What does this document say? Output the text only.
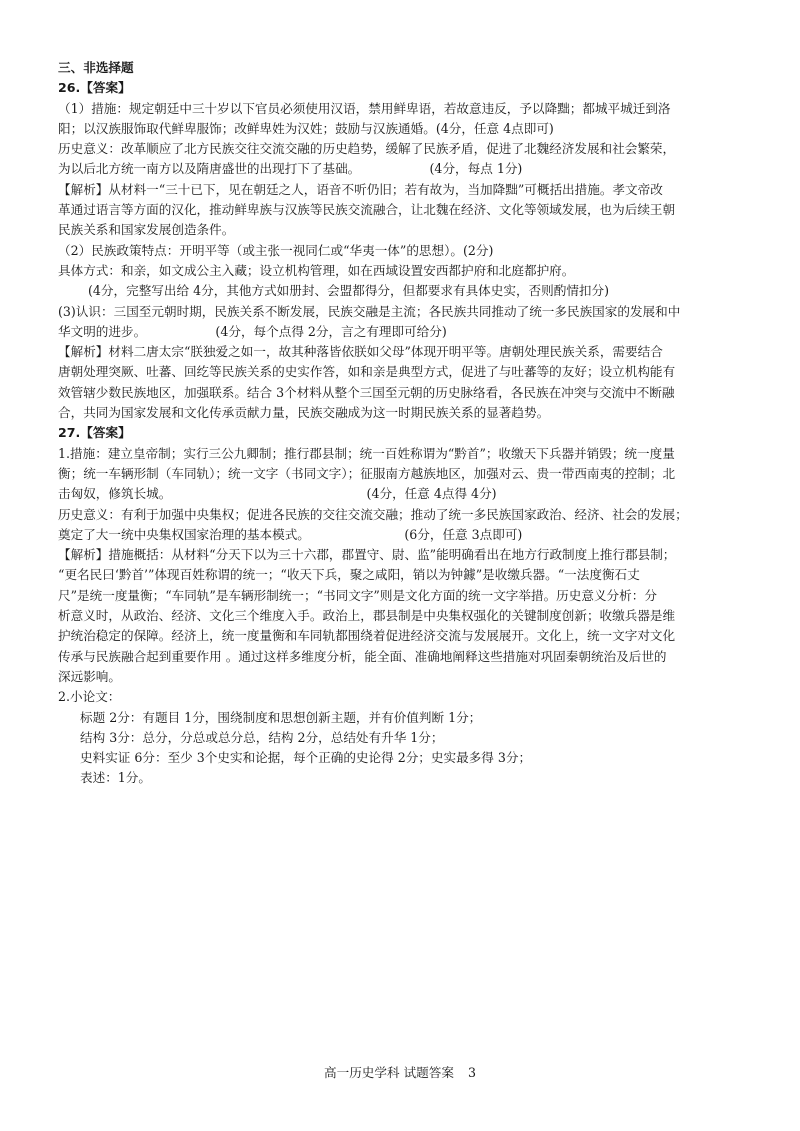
三、非选择题
26.【答案】
（1）措施：规定朝廷中三十岁以下官员必须使用汉语，禁用鲜卑语，若故意违反，予以降黜；都城平城迁到洛
阳；以汉族服饰取代鲜卑服饰；改鲜卑姓为汉姓；鼓励与汉族通婚。(4分，任意 4点即可)
历史意义：改革顺应了北方民族交往交流交融的历史趋势，缓解了民族矛盾，促进了北魏经济发展和社会繁荣，
为以后北方统一南方以及隋唐盛世的出现打下了基础。　　　　　　(4分，每点 1分)
【解析】从材料一“三十已下，见在朝廷之人，语音不听仍旧；若有故为，当加降黜”可概括出措施。孝文帝改
革通过语言等方面的汉化，推动鲜卑族与汉族等民族交流融合，让北魏在经济、文化等领域发展，也为后续王朝
民族关系和国家发展创造条件。
（2）民族政策特点：开明平等（或主张一视同仁或“华夷一体”的思想）。(2分)
具体方式：和亲，如文成公主入藏；设立机构管理，如在西域设置安西都护府和北庭都护府。
(4分，完整写出给 4分，其他方式如册封、会盟都得分，但都要求有具体史实，否则酌情扣分)
(3)认识：三国至元朝时期，民族关系不断发展，民族交融是主流；各民族共同推动了统一多民族国家的发展和中
华文明的进步。　　　　　　(4分，每个点得 2分，言之有理即可给分)
【解析】材料二唐太宗“朕独爱之如一，故其种落皆依朕如父母”体现开明平等。唐朝处理民族关系，需要结合
唐朝处理突厥、吐蕃、回纥等民族关系的史实作答，如和亲是典型方式，促进了与吐蕃等的友好；设立机构能有
效管辖少数民族地区，加强联系。结合 3个材料从整个三国至元朝的历史脉络看，各民族在冲突与交流中不断融
合，共同为国家发展和文化传承贡献力量，民族交融成为这一时期民族关系的显著趋势。
27.【答案】
1.措施：建立皇帝制；实行三公九卿制；推行郡县制；统一百姓称谓为“黔首”；收缴天下兵器并销毁；统一度量
衡；统一车辆形制（车同轨）；统一文字（书同文字）；征服南方越族地区，加强对云、贵一带西南夷的控制；北
击匈奴，修筑长城。　　　　　　　　　　　　　　　　(4分，任意 4点得 4分)
历史意义：有利于加强中央集权；促进各民族的交往交流交融；推动了统一多民族国家政治、经济、社会的发展；
奠定了大一统中央集权国家治理的基本模式。　　　　　　　　(6分，任意 3点即可)
【解析】措施概括：从材料“分天下以为三十六郡，郡置守、尉、监”能明确看出在地方行政制度上推行郡县制；
“更名民曰‘黔首’”体现百姓称谓的统一；“收天下兵，聚之咸阳，销以为钟鐻”是收缴兵器。“一法度衡石丈
尺”是统一度量衡；“车同轨”是车辆形制统一；“书同文字”则是文化方面的统一文字举措。历史意义分析：分
析意义时，从政治、经济、文化三个维度入手。政治上，郡县制是中央集权强化的关键制度创新；收缴兵器是维
护统治稳定的保障。经济上，统一度量衡和车同轨都围绕着促进经济交流与发展展开。文化上，统一文字对文化
传承与民族融合起到重要作用 。通过这样多维度分析，能全面、准确地阐释这些措施对巩固秦朝统治及后世的
深远影响。
2.小论文：
标题 2分：有题目 1分，围绕制度和思想创新主题，并有价值判断 1分；
结构 3分：总分，分总或总分总，结构 2分，总结处有升华 1分；
史料实证 6分：至少 3个史实和论据，每个正确的史论得 2分；史实最多得 3分；
表述：1分。
高一历史学科 试题答案 3
